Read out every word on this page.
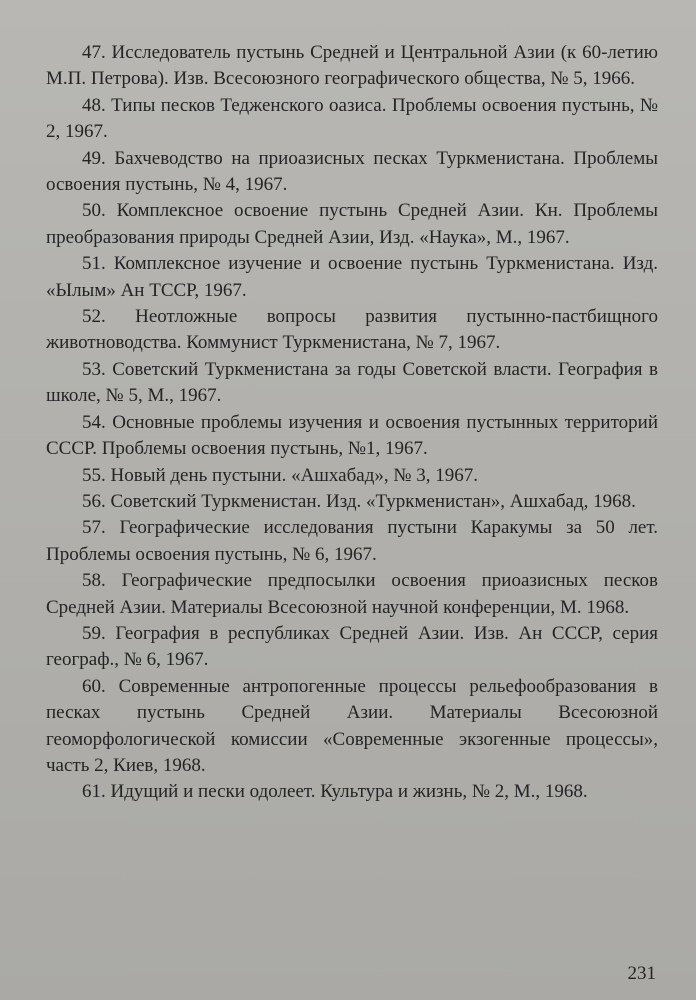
47. Исследователь пустынь Средней и Центральной Азии (к 60-летию М.П. Петрова). Изв. Всесоюзного географического общества, № 5, 1966.

48. Типы песков Тедженского оазиса. Проблемы освоения пустынь, № 2, 1967.

49. Бахчеводство на приоазисных песках Туркменистана. Проблемы освоения пустынь, № 4, 1967.

50. Комплексное освоение пустынь Средней Азии. Кн. Проблемы преобразования природы Средней Азии, Изд. «Наука», М., 1967.

51. Комплексное изучение и освоение пустынь Туркменистана. Изд. «Ылым» Ан ТССР, 1967.

52. Неотложные вопросы развития пустынно-пастбищного животноводства. Коммунист Туркменистана, № 7, 1967.

53. Советский Туркменистана за годы Советской власти. География в школе, № 5, М., 1967.

54. Основные проблемы изучения и освоения пустынных территорий СССР. Проблемы освоения пустынь, №1, 1967.

55. Новый день пустыни. «Ашхабад», № 3, 1967.

56. Советский Туркменистан. Изд. «Туркменистан», Ашхабад, 1968.

57. Географические исследования пустыни Каракумы за 50 лет. Проблемы освоения пустынь, № 6, 1967.

58. Географические предпосылки освоения приоазисных песков Средней Азии. Материалы Всесоюзной научной конференции, М. 1968.

59. География в республиках Средней Азии. Изв. Ан СССР, серия географ., № 6, 1967.

60. Современные антропогенные процессы рельефообразования в песках пустынь Средней Азии. Материалы Всесоюзной геоморфологической комиссии «Современные экзогенные процессы», часть 2, Киев, 1968.

61. Идущий и пески одолеет. Культура и жизнь, № 2, М., 1968.

231
